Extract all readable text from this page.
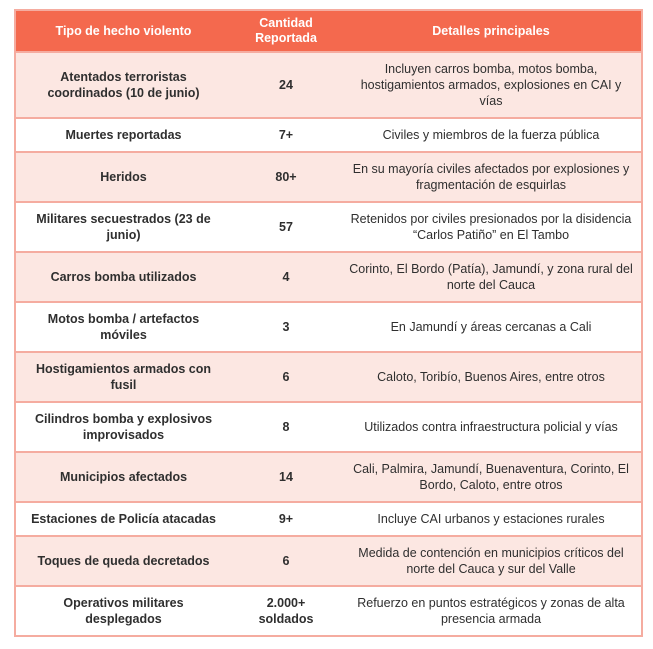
Tipo de hecho violento	Cantidad Reportada	Detalles principales
Atentados terroristas coordinados (10 de junio)	24	Incluyen carros bomba, motos bomba, hostigamientos armados, explosiones en CAI y vías
Muertes reportadas	7+	Civiles y miembros de la fuerza pública
Heridos	80+	En su mayoría civiles afectados por explosiones y fragmentación de esquirlas
Militares secuestrados (23 de junio)	57	Retenidos por civiles presionados por la disidencia “Carlos Patiño” en El Tambo
Carros bomba utilizados	4	Corinto, El Bordo (Patía), Jamundí, y zona rural del norte del Cauca
Motos bomba / artefactos móviles	3	En Jamundí y áreas cercanas a Cali
Hostigamientos armados con fusil	6	Caloto, Toribío, Buenos Aires, entre otros
Cilindros bomba y explosivos improvisados	8	Utilizados contra infraestructura policial y vías
Municipios afectados	14	Cali, Palmira, Jamundí, Buenaventura, Corinto, El Bordo, Caloto, entre otros
Estaciones de Policía atacadas	9+	Incluye CAI urbanos y estaciones rurales
Toques de queda decretados	6	Medida de contención en municipios críticos del norte del Cauca y sur del Valle
Operativos militares desplegados	2.000+ soldados	Refuerzo en puntos estratégicos y zonas de alta presencia armada
